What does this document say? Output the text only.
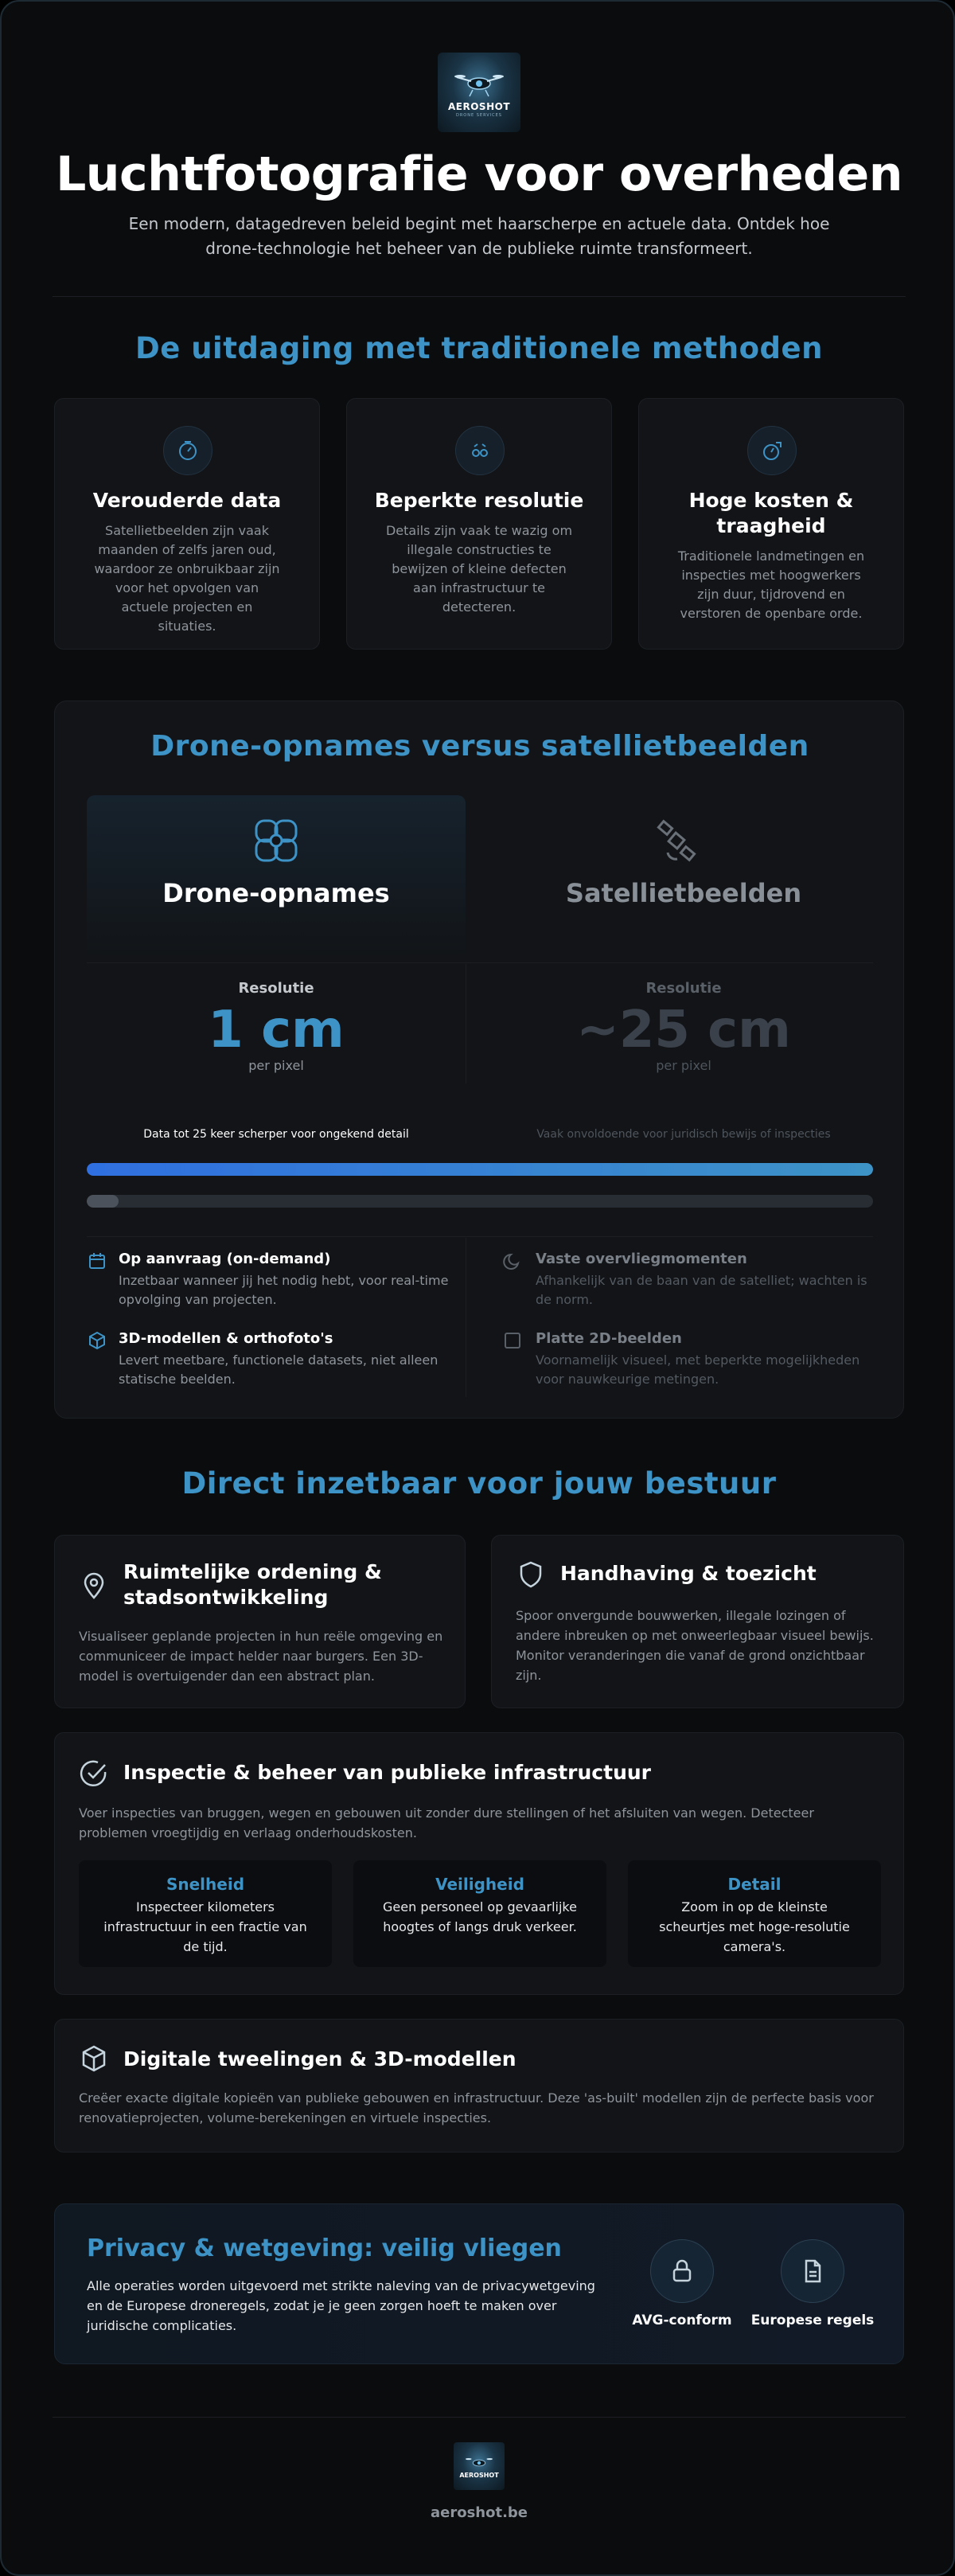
AEROSHOT
DRONE SERVICES
Luchtfotografie voor overheden
Een modern, datagedreven beleid begint met haarscherpe en actuele data. Ontdek hoe drone-technologie het beheer van de publieke ruimte transformeert.
De uitdaging met traditionele methoden
Verouderde data
Satellietbeelden zijn vaak maanden of zelfs jaren oud, waardoor ze onbruikbaar zijn voor het opvolgen van actuele projecten en situaties.
Beperkte resolutie
Details zijn vaak te wazig om illegale constructies te bewijzen of kleine defecten aan infrastructuur te detecteren.
Hoge kosten &
traagheid
Traditionele landmetingen en inspecties met hoogwerkers zijn duur, tijdrovend en verstoren de openbare orde.
Drone-opnames versus satellietbeelden
Drone-opnames	Satellietbeelden
Resolutie
1 cm
per pixel
Resolutie
~25 cm
per pixel
Data tot 25 keer scherper voor ongekend detail	Vaak onvoldoende voor juridisch bewijs of inspecties
Op aanvraag (on-demand)
Inzetbaar wanneer jij het nodig hebt, voor real-time opvolging van projecten.
3D-modellen & orthofoto's
Levert meetbare, functionele datasets, niet alleen statische beelden.
Vaste overvliegmomenten
Afhankelijk van de baan van de satelliet; wachten is de norm.
Platte 2D-beelden
Voornamelijk visueel, met beperkte mogelijkheden voor nauwkeurige metingen.
Direct inzetbaar voor jouw bestuur
Ruimtelijke ordening &
stadsontwikkeling
Visualiseer geplande projecten in hun reële omgeving en communiceer de impact helder naar burgers. Een 3D-model is overtuigender dan een abstract plan.
Handhaving & toezicht
Spoor onvergunde bouwwerken, illegale lozingen of andere inbreuken op met onweerlegbaar visueel bewijs. Monitor veranderingen die vanaf de grond onzichtbaar zijn.
Inspectie & beheer van publieke infrastructuur
Voer inspecties van bruggen, wegen en gebouwen uit zonder dure stellingen of het afsluiten van wegen. Detecteer problemen vroegtijdig en verlaag onderhoudskosten.
Snelheid
Inspecteer kilometers infrastructuur in een fractie van de tijd.
Veiligheid
Geen personeel op gevaarlijke hoogtes of langs druk verkeer.
Detail
Zoom in op de kleinste scheurtjes met hoge-resolutie camera's.
Digitale tweelingen & 3D-modellen
Creëer exacte digitale kopieën van publieke gebouwen en infrastructuur. Deze 'as-built' modellen zijn de perfecte basis voor renovatieprojecten, volume-berekeningen en virtuele inspecties.
Privacy & wetgeving: veilig vliegen
Alle operaties worden uitgevoerd met strikte naleving van de privacywetgeving en de Europese droneregels, zodat je je geen zorgen hoeft te maken over juridische complicaties.	AVG-conform	Europese regels
AEROSHOT
aeroshot.be
